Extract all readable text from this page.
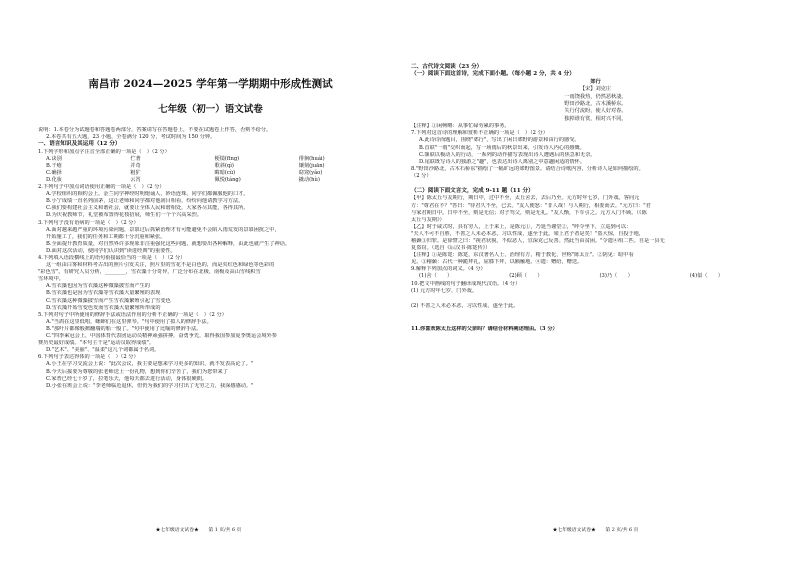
南昌市 2024—2025 学年第一学期期中形成性测试
七年级（初一）语文试卷
说明：1.本卷分为试题卷和答题卷两部分，答案请写在答题卷上，不要在试题卷上作答，否则不给分。
2.本卷共有五大题，23 小题，全卷满分 120 分，考试时间为 150 分钟。
一、语言知识及其运用（12 分）
1.下列字形和加点字注音全部正确的一项是（　）（2 分）
A.诀别	伫著	梗镜(fīng)	徘徊(huái)
B.干瘪	并奇	歌斜(qì)	镶刻(juān)
C.确择	粗犷	晦暗(cù)	窈窕(yǎo)
D.化妆	云筲	佩悦(táng)	撬动(hù)
2.下列句子中加点词语使用正确的一项是（　）（2 分）
A.学校组织的相约会上，金兰同学神经时明炮诵人，妙语连珠，同学们都佩服他的口才。
B.小宁成绩一直名列前茅，这让老师和同学都对他刮目相看，纷纷向他请教学习方法。
C.我们要构建社会主义和谐社会，就要让全体人民和谐相处，大家各尽其能，各得其所。
D.为庆祝教师节，礼堂被布置得花枝招展，师生们一个个兴高采烈。
3.下列句子没有语病的一项是（　）（2 分）
A.面对越来越严重的环境污染问题，景慕过后抓紧治理才有可能避免不会陷入雨荒发的景慕困扰之中，
开始施工了，我们的任务和工期都十分沉重和紧张。
B.全面提升教育质量，对自然界许多现象非注重强化这些问题，就想要出各种解释，由此也就产生了神话。
D.面对这次活动，使同学们认识到"读进经典"的重要性。
4.下列填入语段横线上的语句衔接最恰当的一项是（　）（2 分）
这一组由白雾和材料考古出的照片引发关注，照片里的雪花不是白色的，而是夹红色和绿色等色彩的
"彩色雪"。有研究人员分析，________，雪衣藻十分奇异，广泛分布在北极、南极及高山雪线积雪
雪环境中。
A.雪衣藻也因为雪衣藻这种微藻披雪而产生的
B.雪衣藻也是因为雪衣藻等雪衣藻大量繁殖的表现
C.雪衣藻这种微藻披雪而产生雪衣藻繁殖引起了雪变色
D.雪衣藻开始雪变色发而雪衣藻大量繁殖所形成的
5.下列对句子中所使用的修辞手法或语法作用的分析不正确的一项是（　）（2 分）
A."当鸽在这里低唱，蟋蟀们在这里弹琴。"句中使用了拟人的修辞手法。
B."那叶片都像般掀翻墙的船一般了。"句中使用了比喻的修辞手法。
C."四季乘冠会上，中国体育代表团运动员精神顽强拼搏，奋勇争先，取得我国参加夏季奥运会境外参
赛历史最好成绩。"本句主干是"运动员取得成绩"。
D."艺术"、"美丽"、"温柔"这几个词都属于名词。
6.下列句子表达得体的一项是（　）（2 分）
A.小王在学习交流会上说："此次会议，我主要是想来学习更多的知识，就不发表高论了。"
B.今天后援要为尊敬的张老师送上一份礼物，想到你们辛苦了，我们为您带来了
C.家普已经七十岁了，拉笔乐天，他每天都去进行活动，身体很硬朗。
D.小张在班会上说："李老师临近退休，但仍为我们的学习付出了无穷之力，我深感感动。"
★七年级语文试卷★　　第 1 页/共 6 页
二、古代诗文阅读（23 分）
（一）阅读下面这首诗，完成下面小题。（每小题 2 分，共 4 分）
郊行
【宋】刘克庄
一雨饶我热，仍然恶秋凄。
野田沙路北，古木溪桥东。
失行付流盼，使人好对春。
独掉谁有赏，相对兴不同。
【注释】①闲畅略：从事忙碌劳累的事务。
7.下列对这首诗的理解和赏析不正确的一项是（　）（2 分）
A.此诗诗而题目，围绕"郊行"，写出了闲日郊野的游景和由行的感受。
B.首联"一雨"交织而起，写一场雨后的秋景出来，引发诗人内心的感慨。
C.颔联以极动人的行动，一系列的动作描写表现出诗人遭遇后的焦急和无奈。
D.尾联既写诗人的独游之"趣"，也表达出诗人离别之中意趣闲适的情怀。
8."野田沙路北，古木石桥东"描绘了一幅旷远的郊野图景。请结合诗歌内容，分析诗人是如何描绘的。
（2 分）
（二）阅读下面文言文，完成 9-11 题（11 分）
【甲】陈太丘与友期行，期日中，过中不至，太丘舍去，去后乃至。元方时年七岁，门外戏。客问元
方："尊君在不？"答曰："待君久不至，已去。"友人便怒："非人哉！与人期行，相委而去。"元方曰："君
与家君期日中。日中不至，则是无信；对子骂父，则是无礼。"友人惭，下车引之。元方入门不顾。（《陈
太丘与友期》）
【乙】时于咸式时，县有穷人，上于来上，是陈元①，乃延当谢堂②，"呼令坐下，立巡到可以：
"夫人不可不自胜，不善之人未必本恶，习以性成，遂至于此。梁上君子者是矣！"盗大惊，自投于地，
稽颡③归罪。是徐譬之曰："视君状貌，不似恶人，宜深克己反善。然此当由贫困。"令遗④绢二匹。自是一县无
复盗窃。（选自《后汉书·陈寔传》）
【注释】①是陈寔：陈寔，东汉著名人士，治理有方，精于教化，世称"陈太丘"。②阴见：暗中看
见。③稽颡：古代一种跪拜礼，屈膝下拜，以额触地。④遗：赠给，赠送。
9.解释下列加点的词义。（4 分）
(1)舍（　　）	(2)顾（　　）	(3)乃（　　）	(4)似（　　）
10.把文中画线的句子翻译成现代汉语。（4 分）
(1) 元方时年七岁，门外戏。
(2) 不善之人未必本恶，习以性成，遂至于此。
11.你喜欢陈太丘这样的父亲吗？请结合材料阐述理由。（3 分）
★七年级语文试卷★　　第 2 页/共 6 页
